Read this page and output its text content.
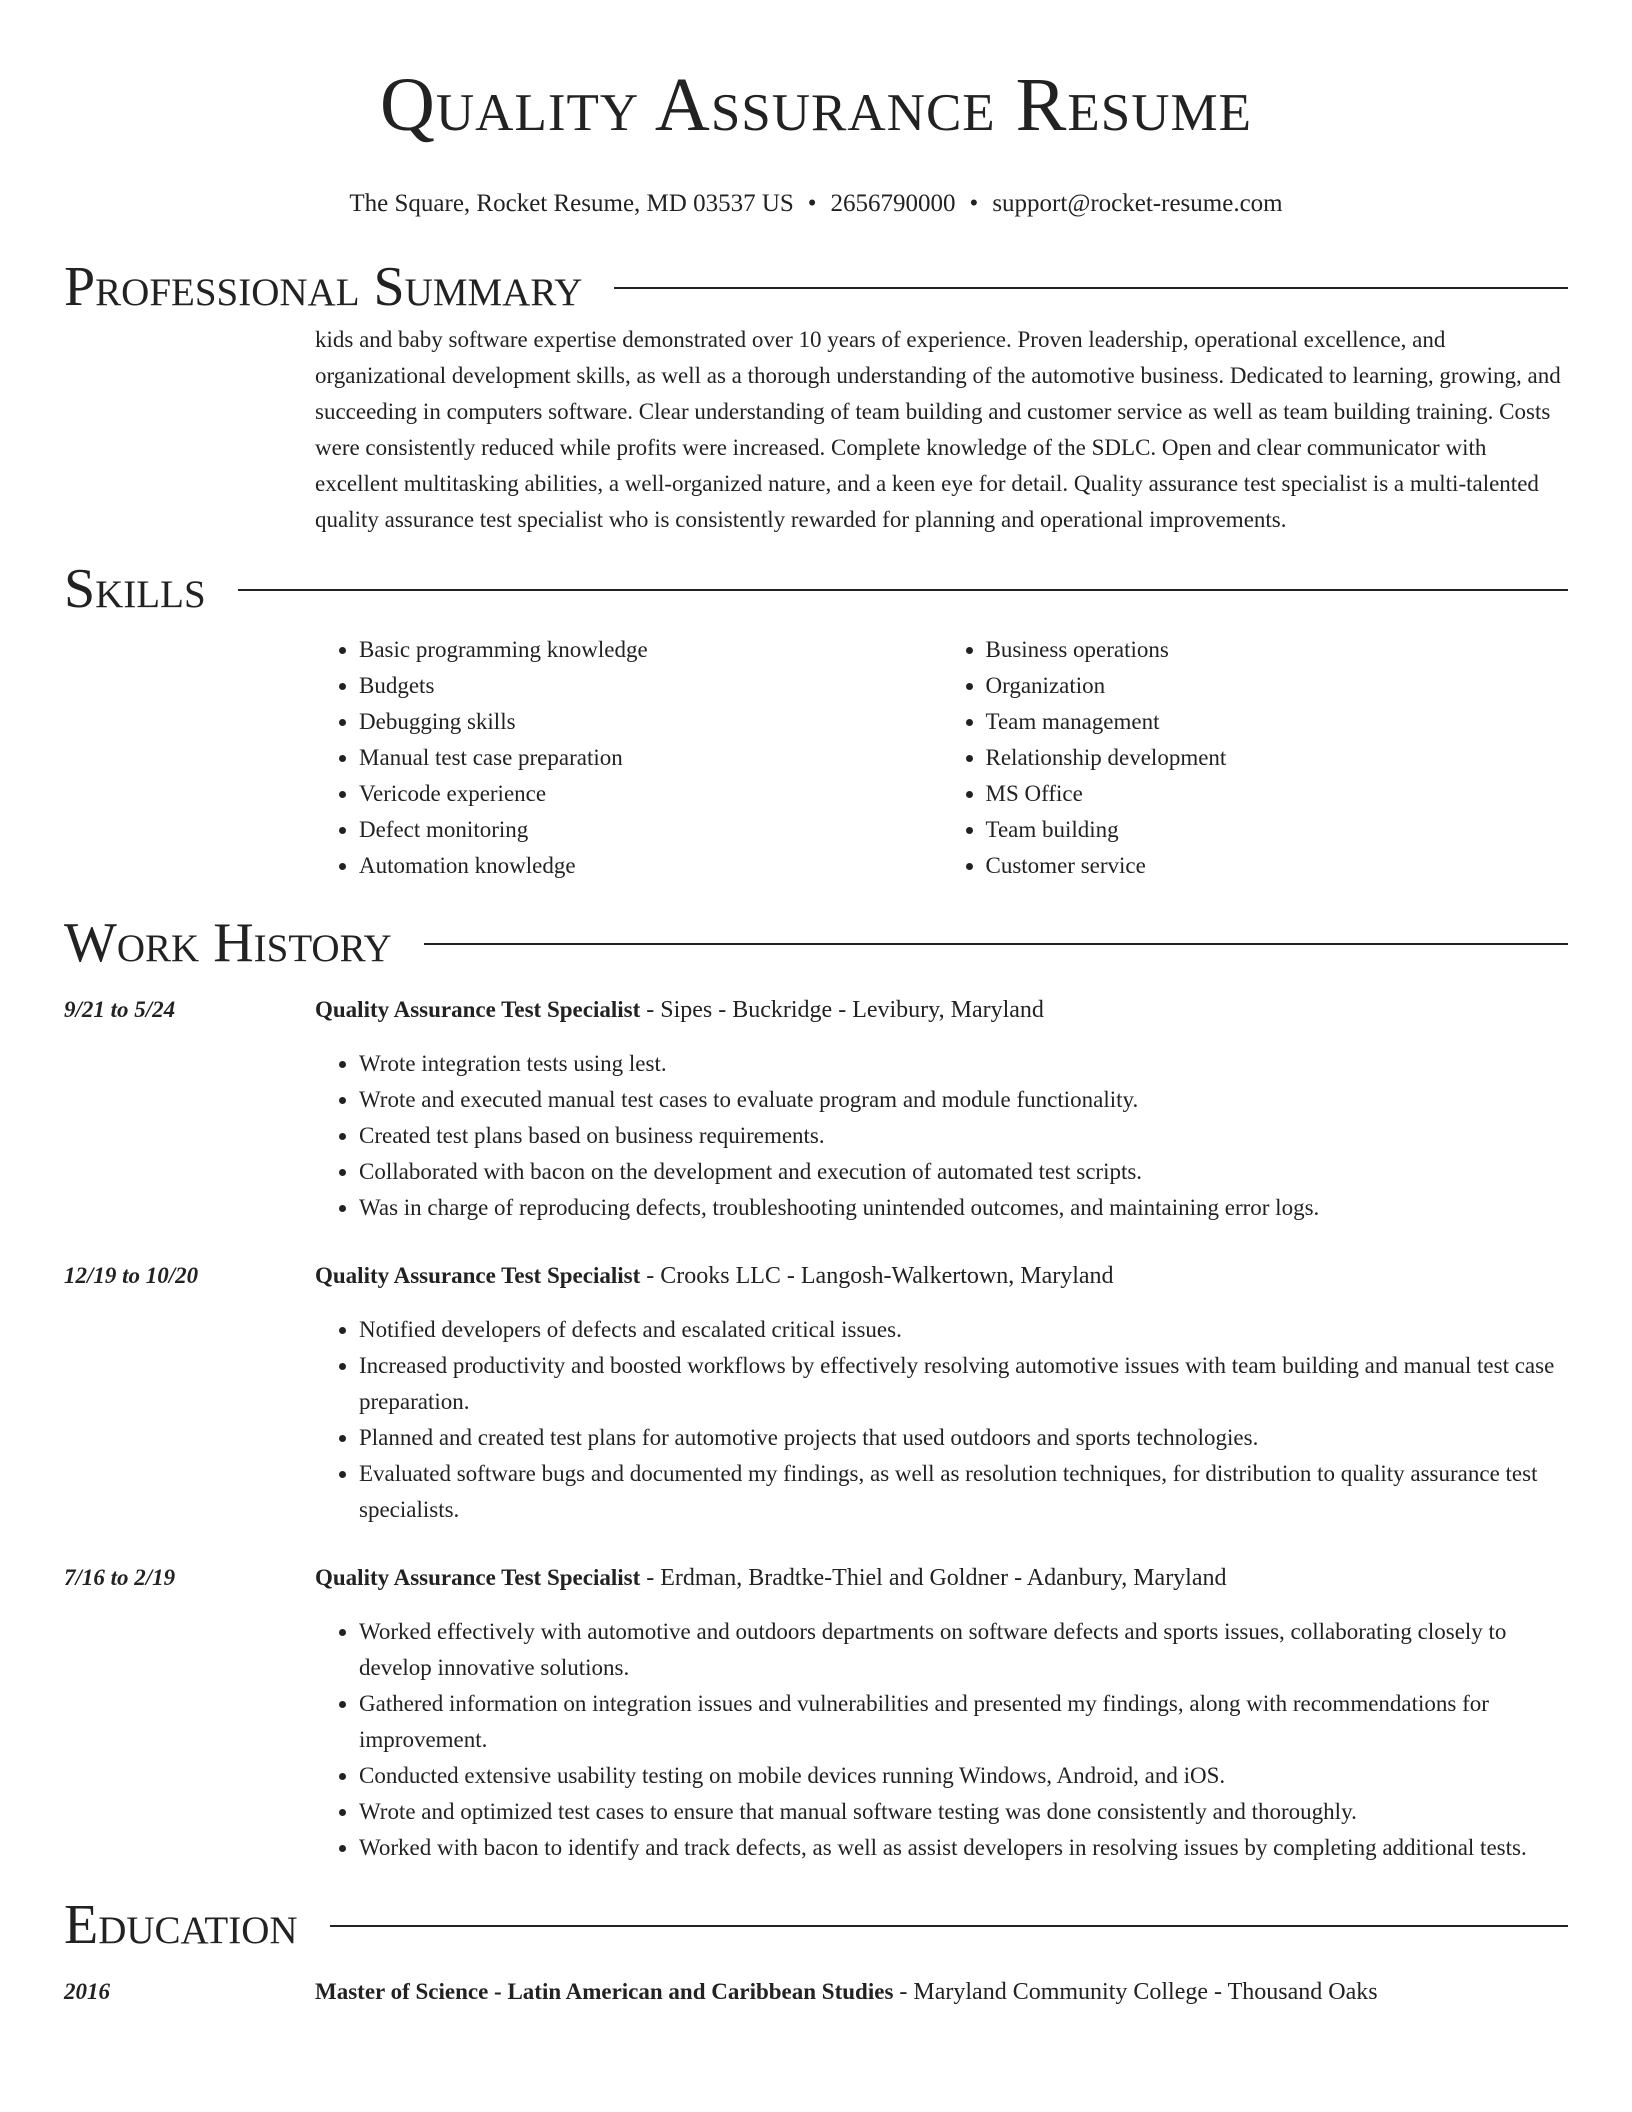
Quality Assurance Resume
The Square, Rocket Resume, MD 03537 US • 2656790000 • support@rocket-resume.com
Professional Summary

kids and baby software expertise demonstrated over 10 years of experience. Proven leadership, operational excellence, and organizational development skills, as well as a thorough understanding of the automotive business. Dedicated to learning, growing, and succeeding in computers software. Clear understanding of team building and customer service as well as team building training. Costs were consistently reduced while profits were increased. Complete knowledge of the SDLC. Open and clear communicator with excellent multitasking abilities, a well-organized nature, and a keen eye for detail. Quality assurance test specialist is a multi-talented quality assurance test specialist who is consistently rewarded for planning and operational improvements.

Skills
• Basic programming knowledge
• Budgets
• Debugging skills
• Manual test case preparation
• Vericode experience
• Defect monitoring
• Automation knowledge
• Business operations
• Organization
• Team management
• Relationship development
• MS Office
• Team building
• Customer service
Work History
9/21 to 5/24	Quality Assurance Test Specialist - Sipes - Buckridge - Levibury, Maryland
• Wrote integration tests using lest.
• Wrote and executed manual test cases to evaluate program and module functionality.
• Created test plans based on business requirements.
• Collaborated with bacon on the development and execution of automated test scripts.
• Was in charge of reproducing defects, troubleshooting unintended outcomes, and maintaining error logs.
12/19 to 10/20	Quality Assurance Test Specialist - Crooks LLC - Langosh-Walkertown, Maryland
• Notified developers of defects and escalated critical issues.
• Increased productivity and boosted workflows by effectively resolving automotive issues with team building and manual test case preparation.
• Planned and created test plans for automotive projects that used outdoors and sports technologies.
• Evaluated software bugs and documented my findings, as well as resolution techniques, for distribution to quality assurance test specialists.
7/16 to 2/19	Quality Assurance Test Specialist - Erdman, Bradtke-Thiel and Goldner - Adanbury, Maryland
• Worked effectively with automotive and outdoors departments on software defects and sports issues, collaborating closely to develop innovative solutions.
• Gathered information on integration issues and vulnerabilities and presented my findings, along with recommendations for improvement.
• Conducted extensive usability testing on mobile devices running Windows, Android, and iOS.
• Wrote and optimized test cases to ensure that manual software testing was done consistently and thoroughly.
• Worked with bacon to identify and track defects, as well as assist developers in resolving issues by completing additional tests.
Education
2016	Master of Science - Latin American and Caribbean Studies - Maryland Community College - Thousand Oaks
